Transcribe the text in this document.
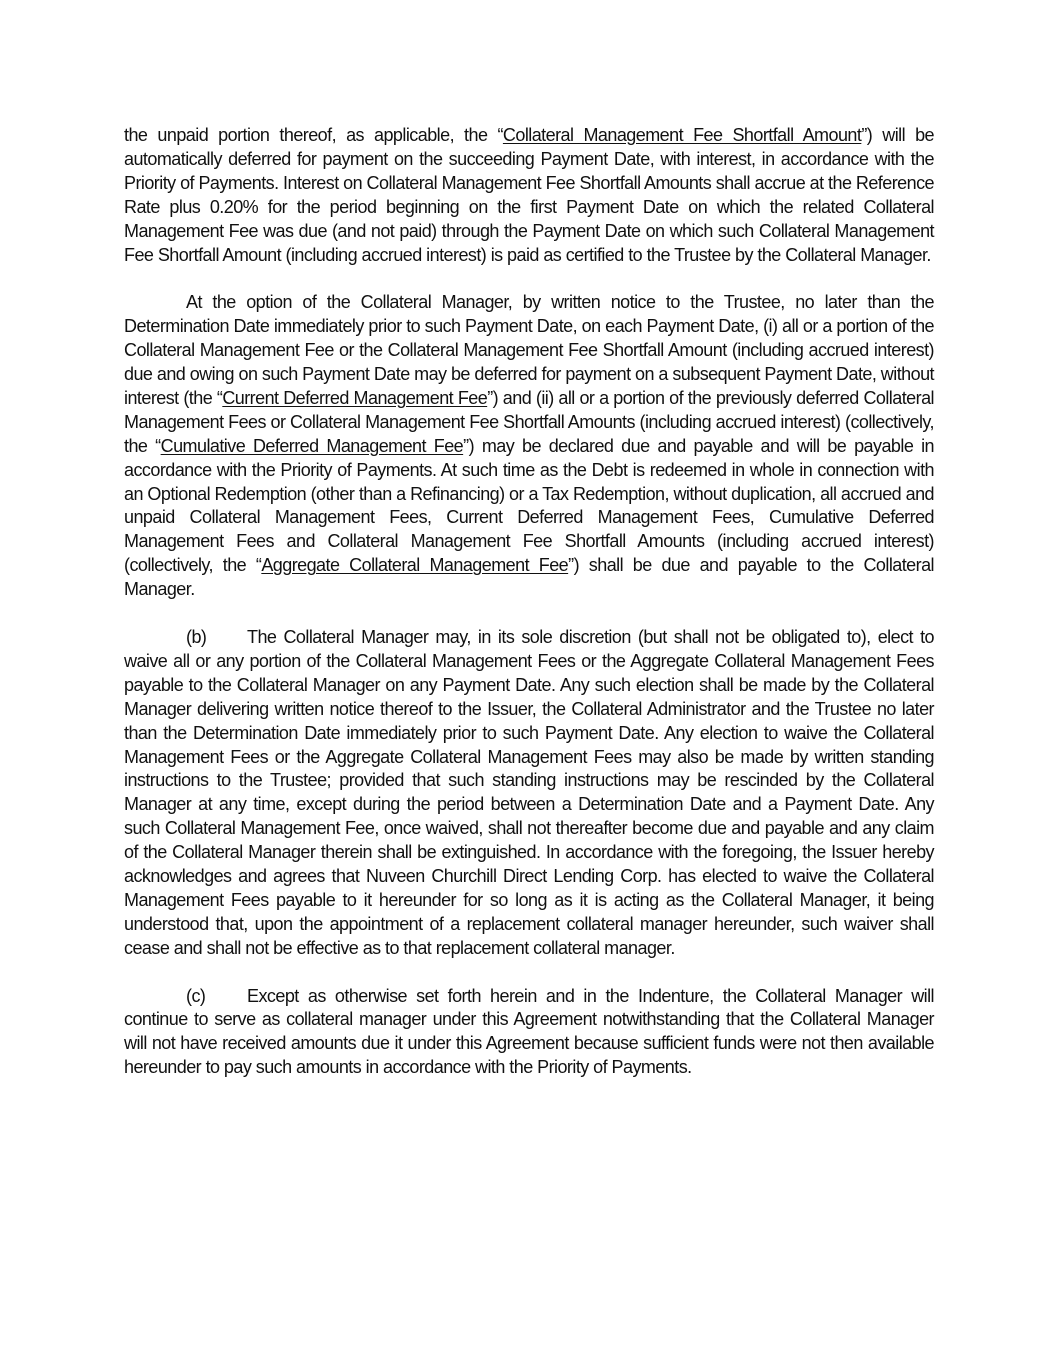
the unpaid portion thereof, as applicable, the “Collateral Management Fee Shortfall Amount”) will be automatically deferred for payment on the succeeding Payment Date, with interest, in accordance with the Priority of Payments. Interest on Collateral Management Fee Shortfall Amounts shall accrue at the Reference Rate plus 0.20% for the period beginning on the first Payment Date on which the related Collateral Management Fee was due (and not paid) through the Payment Date on which such Collateral Management Fee Shortfall Amount (including accrued interest) is paid as certified to the Trustee by the Collateral Manager.

At the option of the Collateral Manager, by written notice to the Trustee, no later than the Determination Date immediately prior to such Payment Date, on each Payment Date, (i) all or a portion of the Collateral Management Fee or the Collateral Management Fee Shortfall Amount (including accrued interest) due and owing on such Payment Date may be deferred for payment on a subsequent Payment Date, without interest (the “Current Deferred Management Fee”) and (ii) all or a portion of the previously deferred Collateral Management Fees or Collateral Management Fee Shortfall Amounts (including accrued interest) (collectively, the “Cumulative Deferred Management Fee”) may be declared due and payable and will be payable in accordance with the Priority of Payments. At such time as the Debt is redeemed in whole in connection with an Optional Redemption (other than a Refinancing) or a Tax Redemption, without duplication, all accrued and unpaid Collateral Management Fees, Current Deferred Management Fees, Cumulative Deferred Management Fees and Collateral Management Fee Shortfall Amounts (including accrued interest) (collectively, the “Aggregate Collateral Management Fee”) shall be due and payable to the Collateral Manager.

(b) The Collateral Manager may, in its sole discretion (but shall not be obligated to), elect to waive all or any portion of the Collateral Management Fees or the Aggregate Collateral Management Fees payable to the Collateral Manager on any Payment Date. Any such election shall be made by the Collateral Manager delivering written notice thereof to the Issuer, the Collateral Administrator and the Trustee no later than the Determination Date immediately prior to such Payment Date. Any election to waive the Collateral Management Fees or the Aggregate Collateral Management Fees may also be made by written standing instructions to the Trustee; provided that such standing instructions may be rescinded by the Collateral Manager at any time, except during the period between a Determination Date and a Payment Date. Any such Collateral Management Fee, once waived, shall not thereafter become due and payable and any claim of the Collateral Manager therein shall be extinguished. In accordance with the foregoing, the Issuer hereby acknowledges and agrees that Nuveen Churchill Direct Lending Corp. has elected to waive the Collateral Management Fees payable to it hereunder for so long as it is acting as the Collateral Manager, it being understood that, upon the appointment of a replacement collateral manager hereunder, such waiver shall cease and shall not be effective as to that replacement collateral manager.

(c) Except as otherwise set forth herein and in the Indenture, the Collateral Manager will continue to serve as collateral manager under this Agreement notwithstanding that the Collateral Manager will not have received amounts due it under this Agreement because sufficient funds were not then available hereunder to pay such amounts in accordance with the Priority of Payments.
